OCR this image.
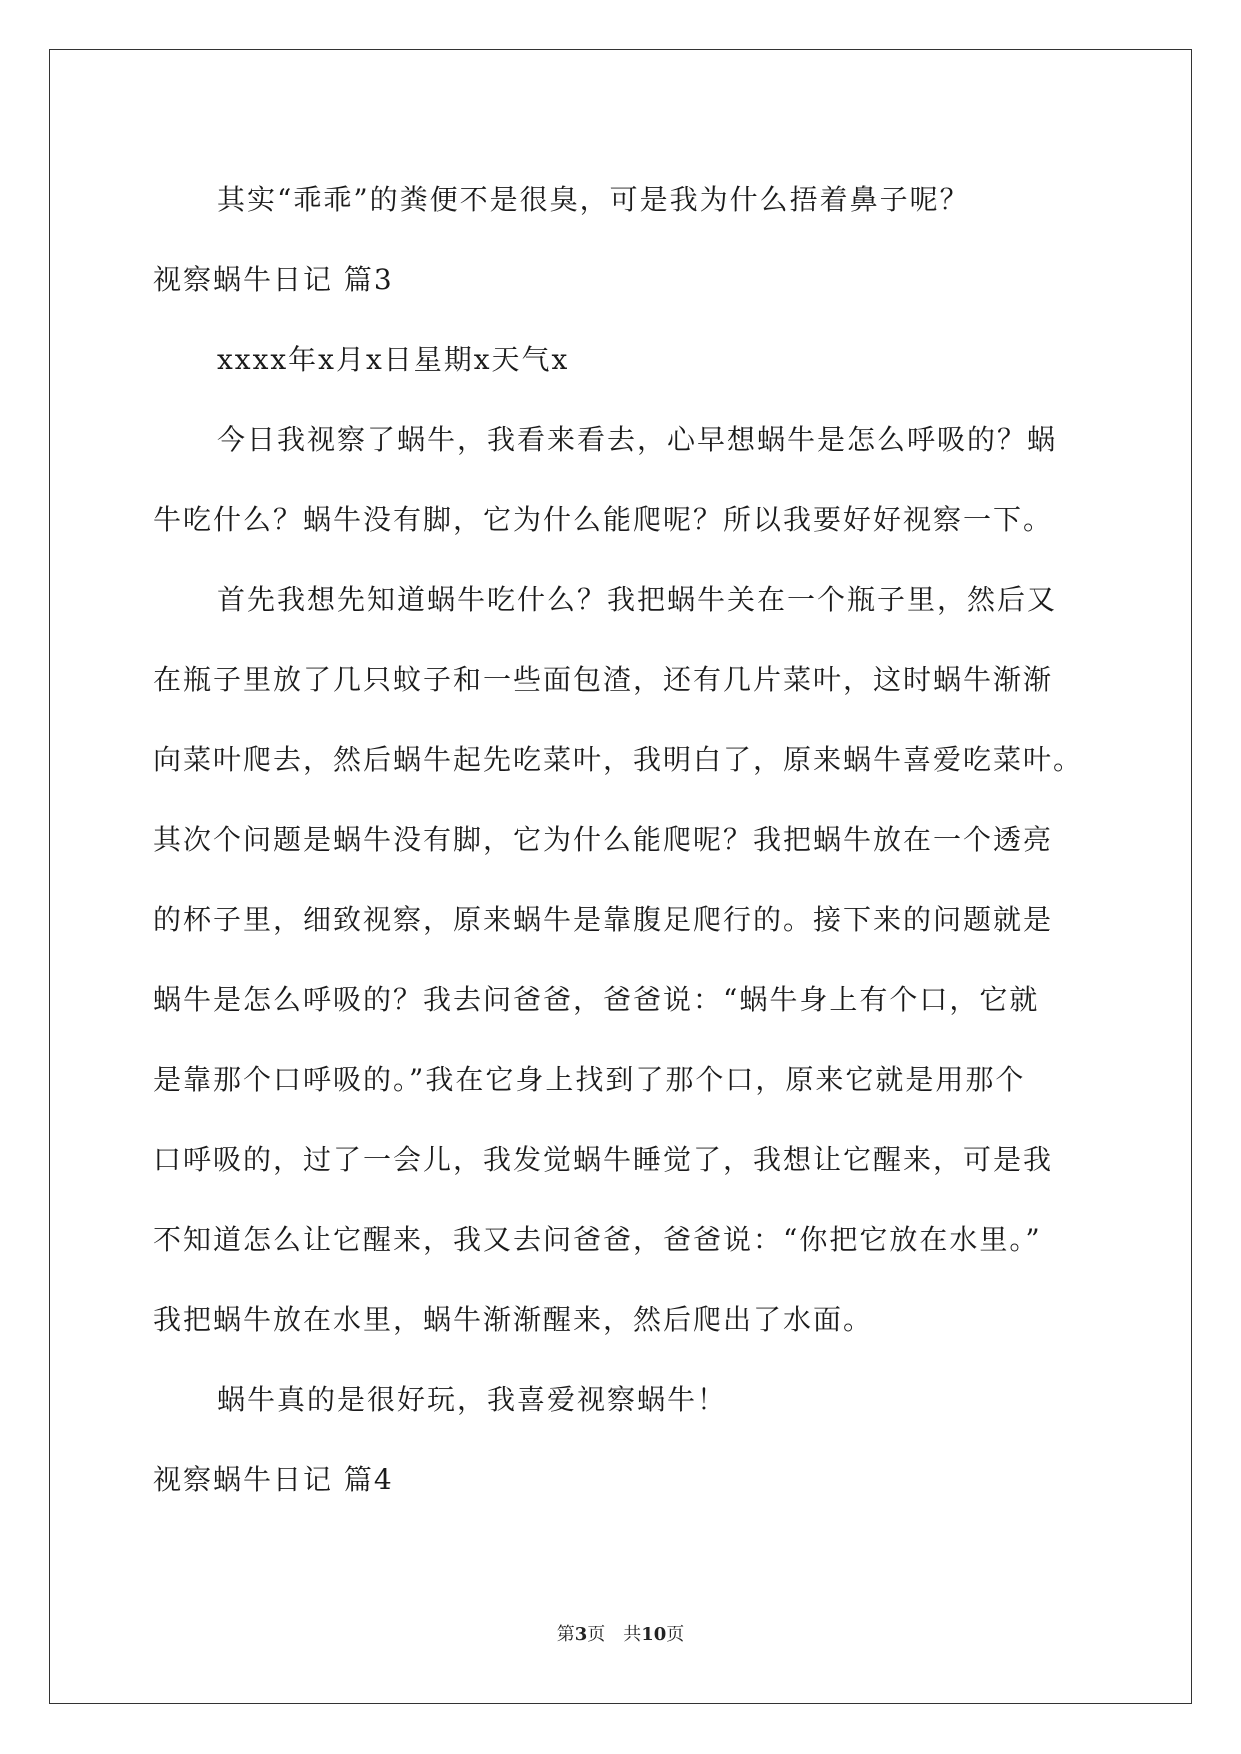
其实“乖乖”的粪便不是很臭，可是我为什么捂着鼻子呢？
视察蜗牛日记 篇3
xxxx年x月x日星期x天气x
今日我视察了蜗牛，我看来看去，心早想蜗牛是怎么呼吸的？蜗
牛吃什么？蜗牛没有脚，它为什么能爬呢？所以我要好好视察一下。
首先我想先知道蜗牛吃什么？我把蜗牛关在一个瓶子里，然后又
在瓶子里放了几只蚊子和一些面包渣，还有几片菜叶，这时蜗牛渐渐
向菜叶爬去，然后蜗牛起先吃菜叶，我明白了，原来蜗牛喜爱吃菜叶。
其次个问题是蜗牛没有脚，它为什么能爬呢？我把蜗牛放在一个透亮
的杯子里，细致视察，原来蜗牛是靠腹足爬行的。接下来的问题就是
蜗牛是怎么呼吸的？我去问爸爸，爸爸说：“蜗牛身上有个口，它就
是靠那个口呼吸的。”我在它身上找到了那个口，原来它就是用那个
口呼吸的，过了一会儿，我发觉蜗牛睡觉了，我想让它醒来，可是我
不知道怎么让它醒来，我又去问爸爸，爸爸说：“你把它放在水里。”
我把蜗牛放在水里，蜗牛渐渐醒来，然后爬出了水面。
蜗牛真的是很好玩，我喜爱视察蜗牛！
视察蜗牛日记 篇4
第3页　共10页
